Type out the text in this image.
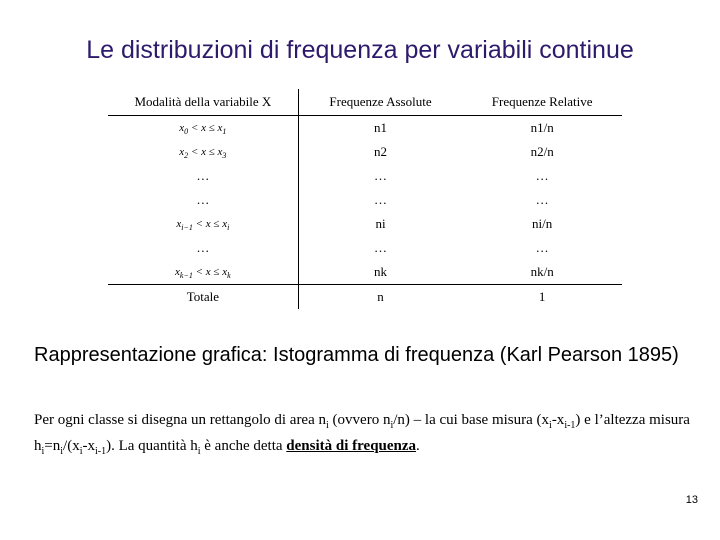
Le distribuzioni di frequenza per variabili continue
Modalità della variabile X	Frequenze Assolute	Frequenze Relative
$x_0 < x \le x_1$	n1	n1/n
$x_2 < x \le x_3$	n2	n2/n
…	…	…
…	…	…
$x_{i-1} < x \le x_i$	ni	ni/n
…	…	…
$x_{k-1} < x \le x_k$	nk	nk/n
Totale	n	1
Rappresentazione grafica: Istogramma di frequenza (Karl Pearson 1895)
Per ogni classe si disegna un rettangolo di area $n_i$ (ovvero $n_i/n$) – la cui base misura $(x_i-x_{i-1})$ e l’altezza misura $h_i=n_i/(x_i-x_{i-1})$. La quantità $h_i$ è anche detta densità di frequenza.
13
